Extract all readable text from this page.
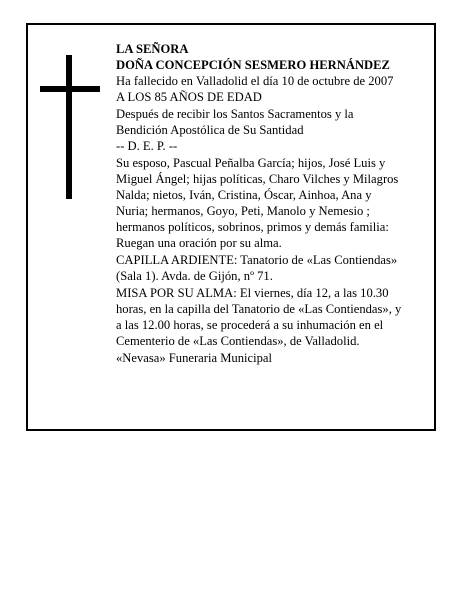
LA SEÑORA
DOÑA CONCEPCIÓN SESMERO HERNÁNDEZ
Ha fallecido en Valladolid el día 10 de octubre de 2007
A LOS 85 AÑOS DE EDAD
Después de recibir los Santos Sacramentos y la
Bendición Apostólica de Su Santidad
-- D. E. P. --
Su esposo, Pascual Peñalba García; hijos, José Luis y
Miguel Ángel; hijas políticas, Charo Vilches y Milagros
Nalda; nietos, Iván, Cristina, Óscar, Ainhoa, Ana y
Nuria; hermanos, Goyo, Peti, Manolo y Nemesio ;
hermanos políticos, sobrinos, primos y demás familia:
Ruegan una oración por su alma.
CAPILLA ARDIENTE: Tanatorio de «Las Contiendas»
(Sala 1). Avda. de Gijón, nº 71.
MISA POR SU ALMA: El viernes, día 12, a las 10.30
horas, en la capilla del Tanatorio de «Las Contiendas», y
a las 12.00 horas, se procederá a su inhumación en el
Cementerio de «Las Contiendas», de Valladolid.
«Nevasa» Funeraria Municipal
